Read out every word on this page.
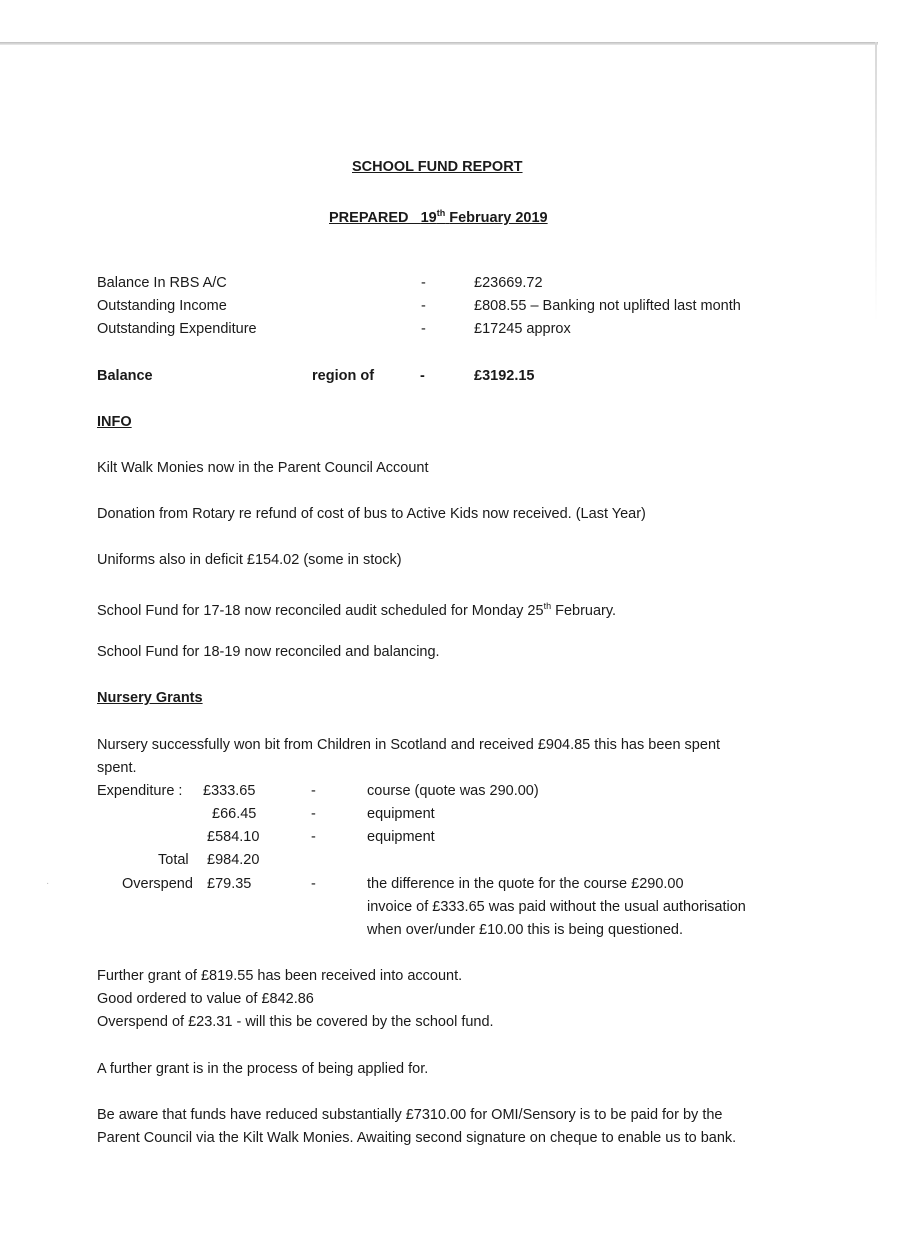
·
SCHOOL FUND REPORT
PREPARED 19th February 2019
Balance In RBS A/C	-	£23669.72
Outstanding Income	-	£808.55 – Banking not uplifted last month
Outstanding Expenditure	-	£17245 approx
Balance	region of	-	£3192.15
INFO
Kilt Walk Monies now in the Parent Council Account
Donation from Rotary re refund of cost of bus to Active Kids now received. (Last Year)
Uniforms also in deficit £154.02 (some in stock)
School Fund for 17-18 now reconciled audit scheduled for Monday 25th February.
School Fund for 18-19 now reconciled and balancing.
Nursery Grants
Nursery successfully won bit from Children in Scotland and received £904.85 this has been spent
spent.
Expenditure : £333.65	-	course (quote was 290.00)
£66.45	-	equipment
£584.10	-	equipment
Total £984.20
Overspend £79.35	-	the difference in the quote for the course £290.00
invoice of £333.65 was paid without the usual authorisation
when over/under £10.00 this is being questioned.
Further grant of £819.55 has been received into account.
Good ordered to value of £842.86
Overspend of £23.31 - will this be covered by the school fund.
A further grant is in the process of being applied for.
Be aware that funds have reduced substantially £7310.00 for OMI/Sensory is to be paid for by the
Parent Council via the Kilt Walk Monies. Awaiting second signature on cheque to enable us to bank.
